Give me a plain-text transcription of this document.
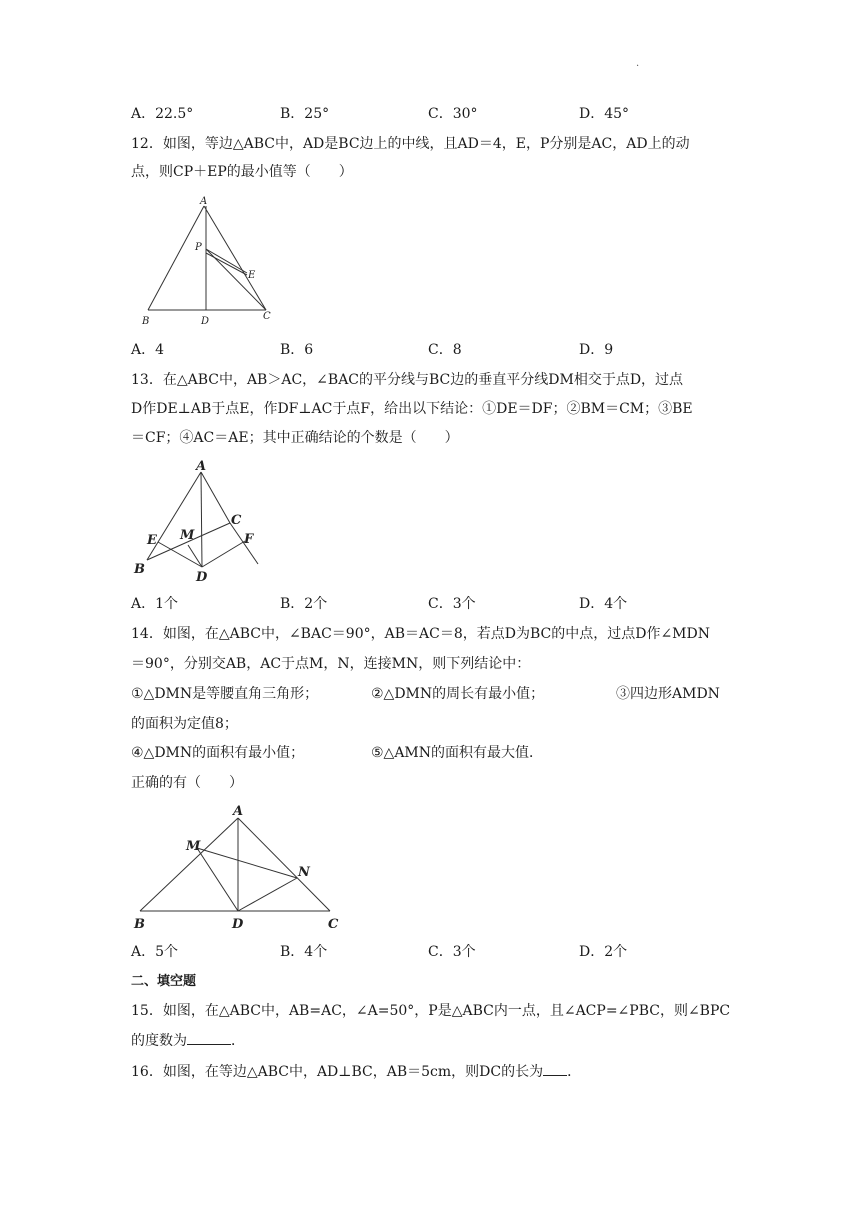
.
A．22.5°	B．25°	C．30°	D．45°
12．如图，等边△ABC中，AD是BC边上的中线，且AD＝4，E，P分别是AC，AD上的动
点，则CP＋EP的最小值等（　　）
A
P
E
B	D	C
A．4	B．6	C．8	D．9
13．在△ABC中，AB＞AC，∠BAC的平分线与BC边的垂直平分线DM相交于点D，过点
D作DE⊥AB于点E，作DF⊥AC于点F，给出以下结论：①DE＝DF；②BM＝CM；③BE
＝CF；④AC＝AE；其中正确结论的个数是（　　）
A
C
E M	F
B
D
A．1个	B．2个	C．3个	D．4个
14．如图，在△ABC中，∠BAC＝90°，AB＝AC＝8，若点D为BC的中点，过点D作∠MDN
＝90°，分别交AB，AC于点M，N，连接MN，则下列结论中：
①△DMN是等腰直角三角形；	②△DMN的周长有最小值；	③四边形AMDN
的面积为定值8；
④△DMN的面积有最小值；	⑤△AMN的面积有最大值．
正确的有（　　）
A
M
N
B	D	C
A．5个	B．4个	C．3个	D．2个
二、填空题
15．如图，在△ABC中，AB=AC，∠A=50°，P是△ABC内一点，且∠ACP=∠PBC，则∠BPC
的度数为	．
16．如图，在等边△ABC中，AD⊥BC，AB＝5cm，则DC的长为 ．
